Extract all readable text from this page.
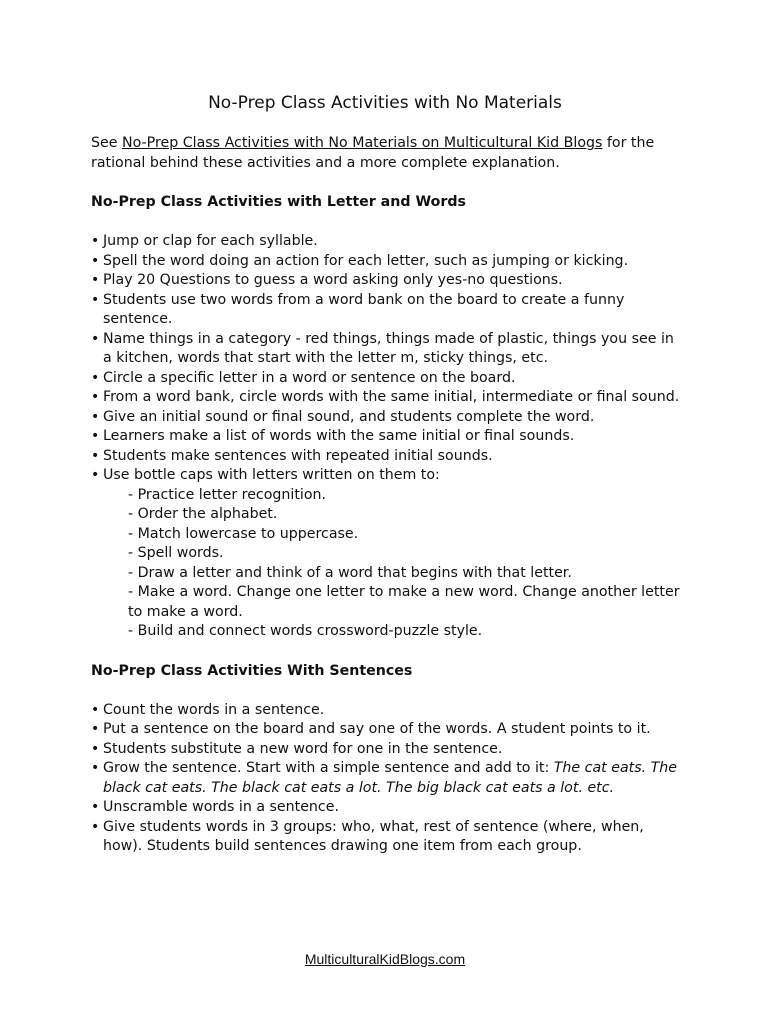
No-Prep Class Activities with No Materials

See No-Prep Class Activities with No Materials on Multicultural Kid Blogs for the rational behind these activities and a more complete explanation.

No-Prep Class Activities with Letter and Words
• Jump or clap for each syllable.
• Spell the word doing an action for each letter, such as jumping or kicking.
• Play 20 Questions to guess a word asking only yes-no questions.
• Students use two words from a word bank on the board to create a funny sentence.
• Name things in a category - red things, things made of plastic, things you see in a kitchen, words that start with the letter m, sticky things, etc.
• Circle a specific letter in a word or sentence on the board.
• From a word bank, circle words with the same initial, intermediate or final sound.
• Give an initial sound or final sound, and students complete the word.
• Learners make a list of words with the same initial or final sounds.
• Students make sentences with repeated initial sounds.
• Use bottle caps with letters written on them to:
- Practice letter recognition.
- Order the alphabet.
- Match lowercase to uppercase.
- Spell words.
- Draw a letter and think of a word that begins with that letter.
- Make a word. Change one letter to make a new word. Change another letter to make a word.
- Build and connect words crossword-puzzle style.
No-Prep Class Activities With Sentences
• Count the words in a sentence.
• Put a sentence on the board and say one of the words. A student points to it.
• Students substitute a new word for one in the sentence.
• Grow the sentence. Start with a simple sentence and add to it: The cat eats. The black cat eats. The black cat eats a lot. The big black cat eats a lot. etc.
• Unscramble words in a sentence.
• Give students words in 3 groups: who, what, rest of sentence (where, when, how). Students build sentences drawing one item from each group.
MulticulturalKidBlogs.com
